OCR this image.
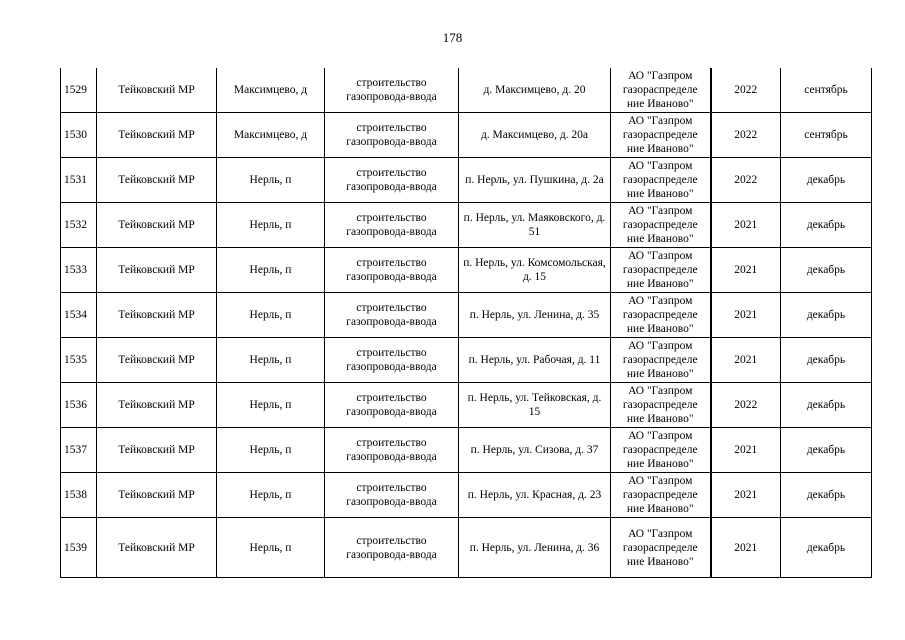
178
1529	Тейковский МР	Максимцево, д	строительство газопровода-ввода	д. Максимцево, д. 20	АО "Газпром газораспределе ние Иваново"	2022	сентябрь
1530	Тейковский МР	Максимцево, д	строительство газопровода-ввода	д. Максимцево, д. 20а	АО "Газпром газораспределе ние Иваново"	2022	сентябрь
1531	Тейковский МР	Нерль, п	строительство газопровода-ввода	п. Нерль, ул. Пушкина, д. 2а	АО "Газпром газораспределе ние Иваново"	2022	декабрь
1532	Тейковский МР	Нерль, п	строительство газопровода-ввода	п. Нерль, ул. Маяковского, д. 51	АО "Газпром газораспределе ние Иваново"	2021	декабрь
1533	Тейковский МР	Нерль, п	строительство газопровода-ввода	п. Нерль, ул. Комсомольская, д. 15	АО "Газпром газораспределе ние Иваново"	2021	декабрь
1534	Тейковский МР	Нерль, п	строительство газопровода-ввода	п. Нерль, ул. Ленина, д. 35	АО "Газпром газораспределе ние Иваново"	2021	декабрь
1535	Тейковский МР	Нерль, п	строительство газопровода-ввода	п. Нерль, ул. Рабочая, д. 11	АО "Газпром газораспределе ние Иваново"	2021	декабрь
1536	Тейковский МР	Нерль, п	строительство газопровода-ввода	п. Нерль, ул. Тейковская, д. 15	АО "Газпром газораспределе ние Иваново"	2022	декабрь
1537	Тейковский МР	Нерль, п	строительство газопровода-ввода	п. Нерль, ул. Сизова, д. 37	АО "Газпром газораспределе ние Иваново"	2021	декабрь
1538	Тейковский МР	Нерль, п	строительство газопровода-ввода	п. Нерль, ул. Красная, д. 23	АО "Газпром газораспределе ние Иваново"	2021	декабрь
1539	Тейковский МР	Нерль, п	строительство газопровода-ввода	п. Нерль, ул. Ленина, д. 36	АО "Газпром газораспределе ние Иваново"	2021	декабрь
